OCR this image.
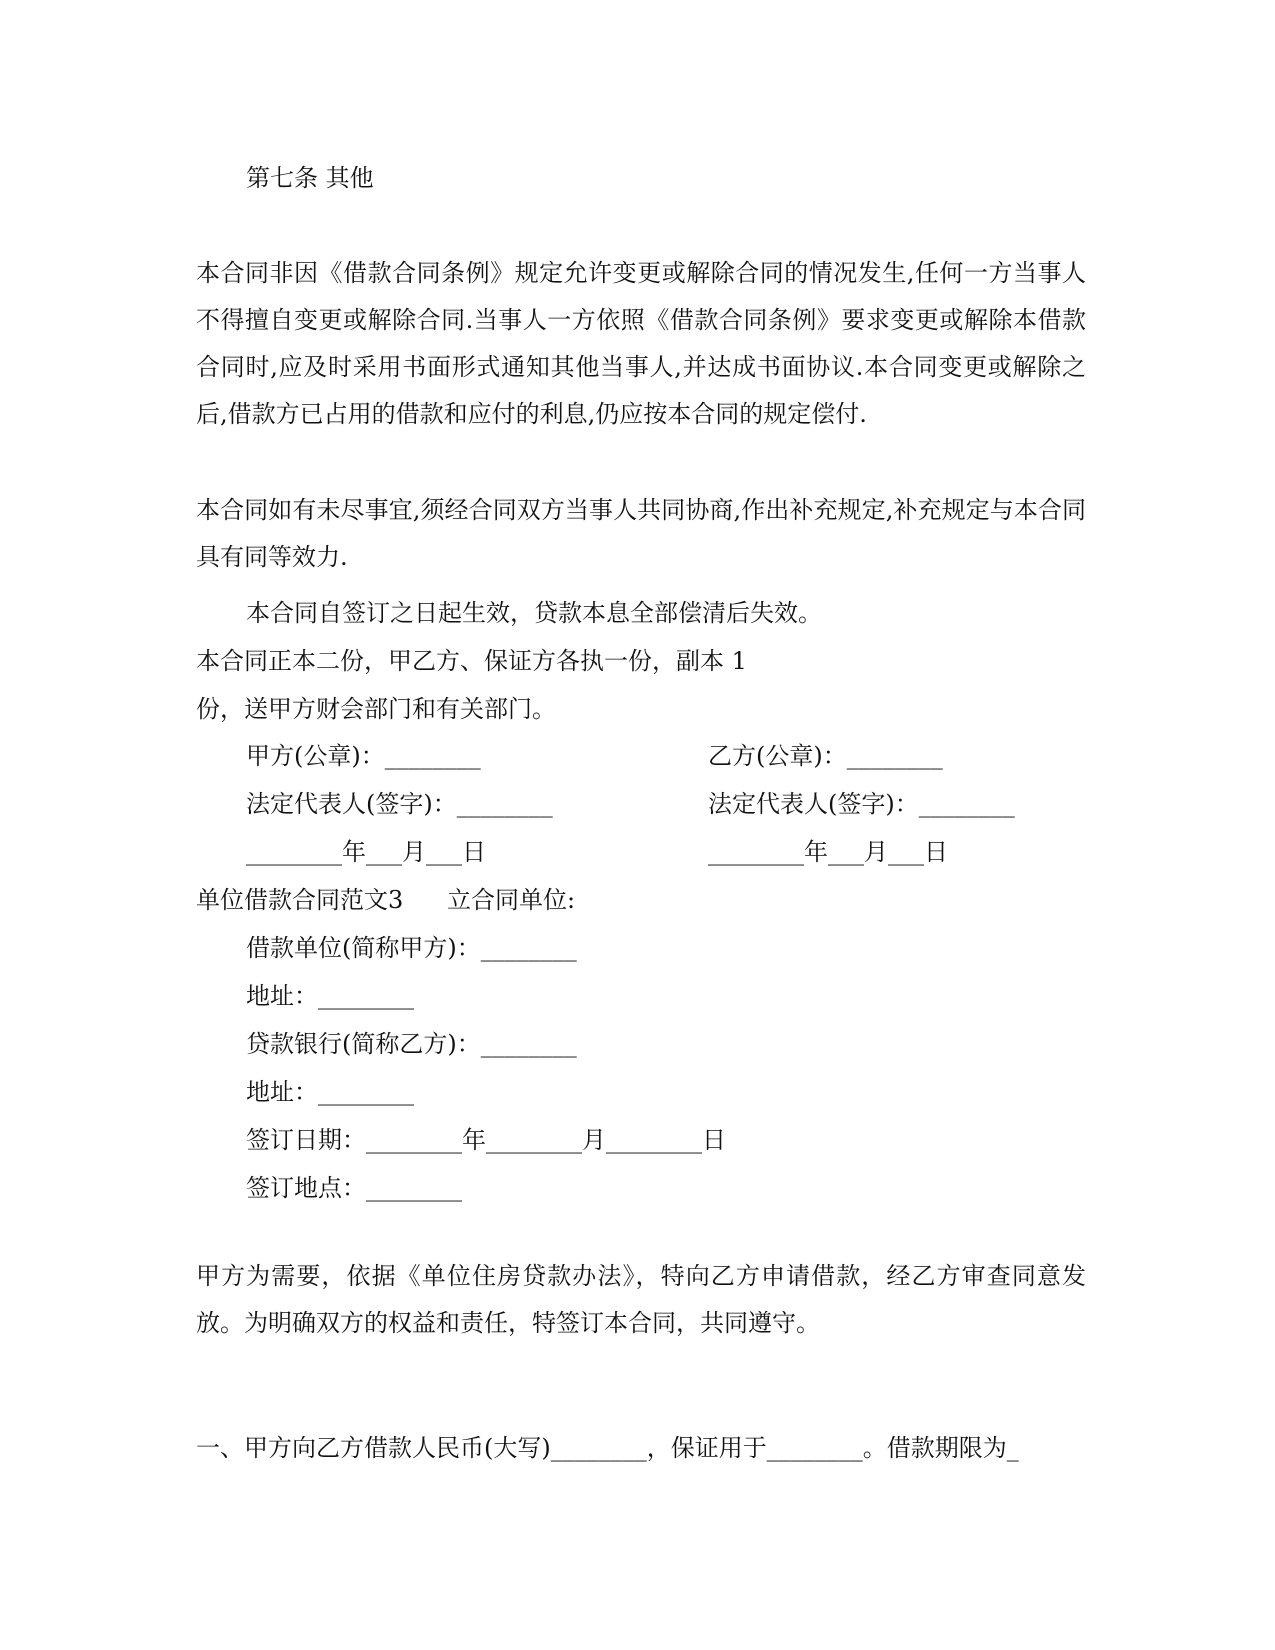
第七条 其他
本合同非因《借款合同条例》规定允许变更或解除合同的情况发生,任何一方当事人不得擅自变更或解除合同.当事人一方依照《借款合同条例》要求变更或解除本借款合同时,应及时采用书面形式通知其他当事人,并达成书面协议.本合同变更或解除之后,借款方已占用的借款和应付的利息,仍应按本合同的规定偿付.
本合同如有未尽事宜,须经合同双方当事人共同协商,作出补充规定,补充规定与本合同具有同等效力.
本合同自签订之日起生效，贷款本息全部偿清后失效。
本合同正本二份，甲乙方、保证方各执一份，副本 1
份，送甲方财会部门和有关部门。
甲方(公章)：________	乙方(公章)：________
法定代表人(签字)：________	法定代表人(签字)：________
________年___月___日	________年___月___日
单位借款合同范文3 立合同单位:
借款单位(简称甲方)：________
地址：________
贷款银行(简称乙方)：________
地址：________
签订日期：________年________月________日
签订地点：________
甲方为需要，依据《单位住房贷款办法》，特向乙方申请借款，经乙方审查同意发放。为明确双方的权益和责任，特签订本合同，共同遵守。
一、甲方向乙方借款人民币(大写)________，保证用于________。借款期限为_
